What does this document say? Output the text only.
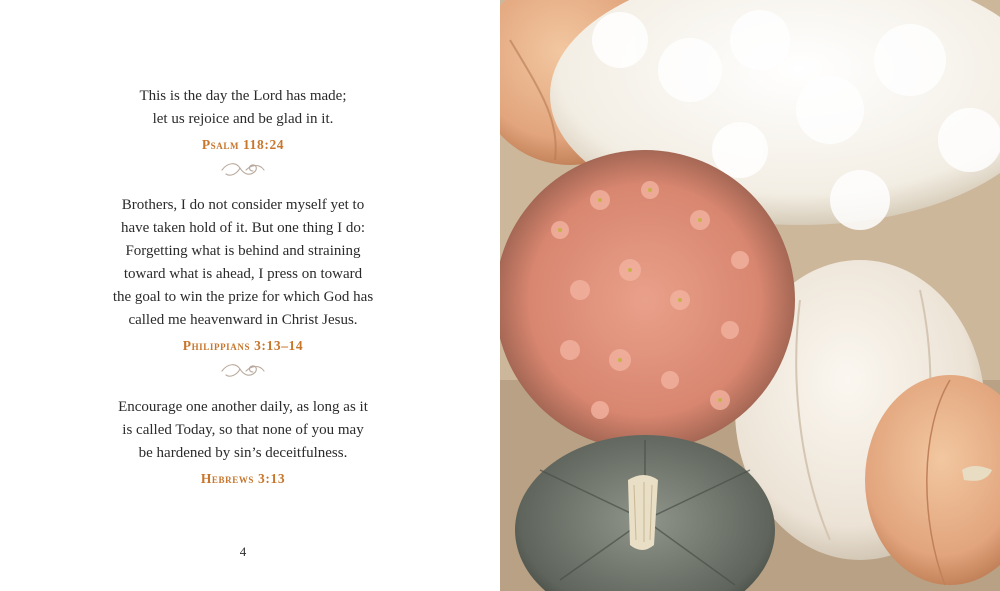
This is the day the Lord has made;
let us rejoice and be glad in it.
Psalm 118:24
Brothers, I do not consider myself yet to
have taken hold of it. But one thing I do:
Forgetting what is behind and straining
toward what is ahead, I press on toward
the goal to win the prize for which God has
called me heavenward in Christ Jesus.
Philippians 3:13–14
Encourage one another daily, as long as it
is called Today, so that none of you may
be hardened by sin’s deceitfulness.
Hebrews 3:13
4
